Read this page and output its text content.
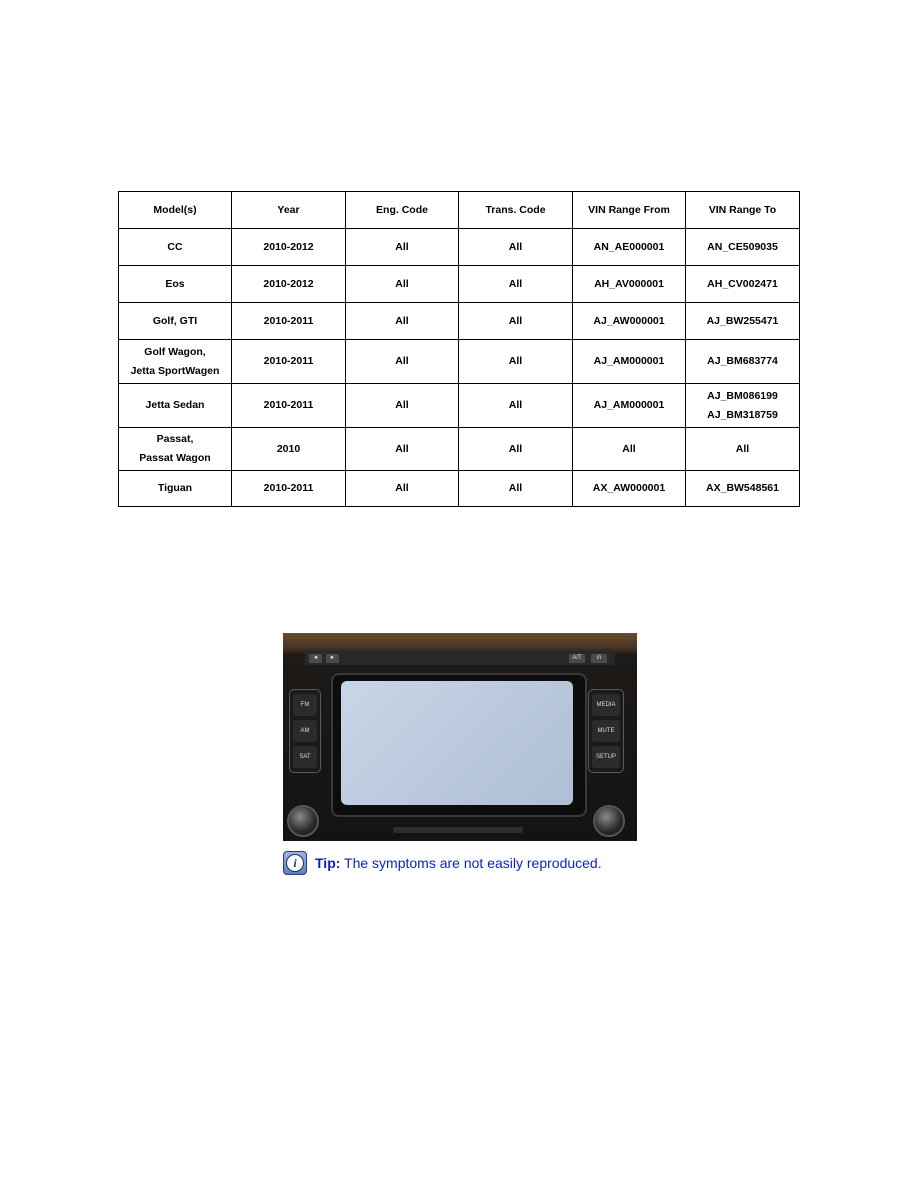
Model(s)	Year	Eng. Code	Trans. Code	VIN Range From	VIN Range To
CC	2010-2012	All	All	AN_AE000001	AN_CE509035
Eos	2010-2012	All	All	AH_AV000001	AH_CV002471
Golf, GTI	2010-2011	All	All	AJ_AW000001	AJ_BW255471
Golf Wagon,
Jetta SportWagen	2010-2011	All	All	AJ_AM000001	AJ_BM683774
Jetta Sedan	2010-2011	All	All	AJ_AM000001	AJ_BM086199
AJ_BM318759
Passat,
Passat Wagon	2010	All	All	All	All
Tiguan	2010-2011	All	All	AX_AW000001	AX_BW548561
◄	►	A/T	i/i
FM
AM
SAT
MEDIA
MUTE
SETUP
i	Tip: The symptoms are not easily reproduced.
